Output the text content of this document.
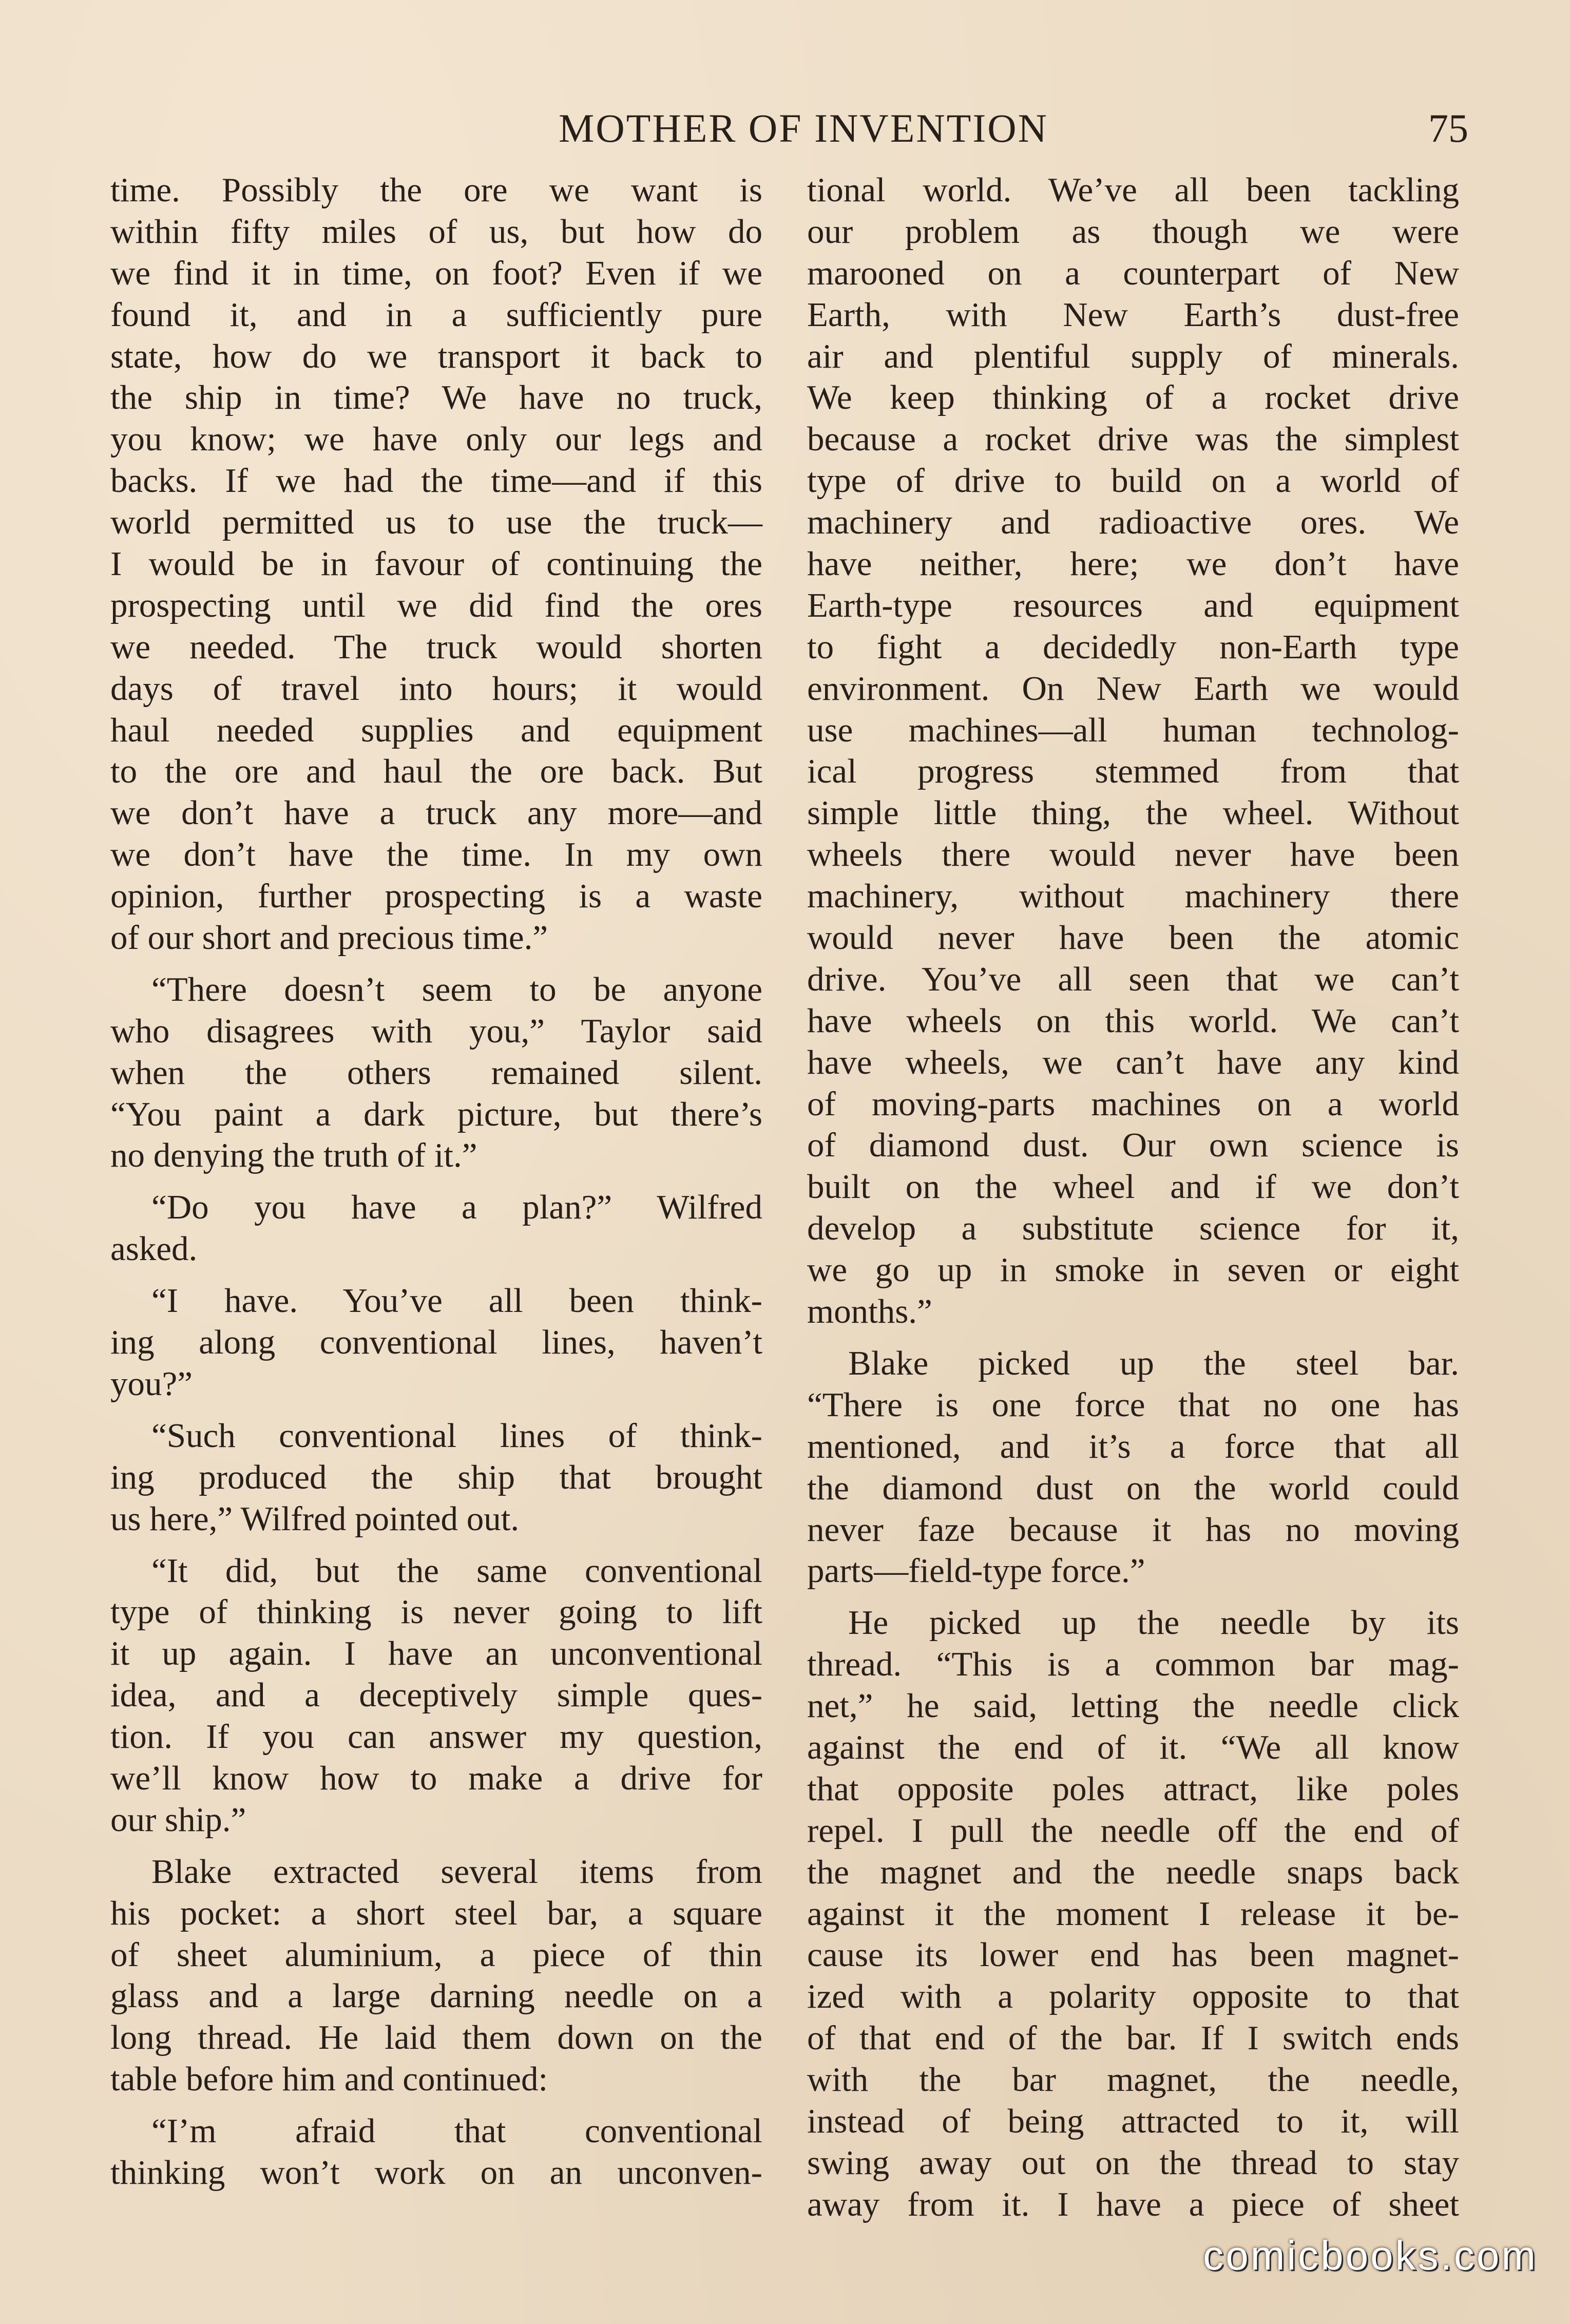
MOTHER OF INVENTION	75
time. Possibly the ore we want is
within fifty miles of us, but how do
we find it in time, on foot? Even if we
found it, and in a sufficiently pure
state, how do we transport it back to
the ship in time? We have no truck,
you know; we have only our legs and
backs. If we had the time—and if this
world permitted us to use the truck—
I would be in favour of continuing the
prospecting until we did find the ores
we needed. The truck would shorten
days of travel into hours; it would
haul needed supplies and equipment
to the ore and haul the ore back. But
we don’t have a truck any more—and
we don’t have the time. In my own
opinion, further prospecting is a waste
of our short and precious time.”
“There doesn’t seem to be anyone
who disagrees with you,” Taylor said
when the others remained silent.
“You paint a dark picture, but there’s
no denying the truth of it.”
“Do you have a plan?” Wilfred
asked.
“I have. You’ve all been think-
ing along conventional lines, haven’t
you?”
“Such conventional lines of think-
ing produced the ship that brought
us here,” Wilfred pointed out.
“It did, but the same conventional
type of thinking is never going to lift
it up again. I have an unconventional
idea, and a deceptively simple ques-
tion. If you can answer my question,
we’ll know how to make a drive for
our ship.”
Blake extracted several items from
his pocket: a short steel bar, a square
of sheet aluminium, a piece of thin
glass and a large darning needle on a
long thread. He laid them down on the
table before him and continued:
“I’m afraid that conventional
thinking won’t work on an unconven-
tional world. We’ve all been tackling
our problem as though we were
marooned on a counterpart of New
Earth, with New Earth’s dust-free
air and plentiful supply of minerals.
We keep thinking of a rocket drive
because a rocket drive was the simplest
type of drive to build on a world of
machinery and radioactive ores. We
have neither, here; we don’t have
Earth-type resources and equipment
to fight a decidedly non-Earth type
environment. On New Earth we would
use machines—all human technolog-
ical progress stemmed from that
simple little thing, the wheel. Without
wheels there would never have been
machinery, without machinery there
would never have been the atomic
drive. You’ve all seen that we can’t
have wheels on this world. We can’t
have wheels, we can’t have any kind
of moving-parts machines on a world
of diamond dust. Our own science is
built on the wheel and if we don’t
develop a substitute science for it,
we go up in smoke in seven or eight
months.”
Blake picked up the steel bar.
“There is one force that no one has
mentioned, and it’s a force that all
the diamond dust on the world could
never faze because it has no moving
parts—field-type force.”
He picked up the needle by its
thread. “This is a common bar mag-
net,” he said, letting the needle click
against the end of it. “We all know
that opposite poles attract, like poles
repel. I pull the needle off the end of
the magnet and the needle snaps back
against it the moment I release it be-
cause its lower end has been magnet-
ized with a polarity opposite to that
of that end of the bar. If I switch ends
with the bar magnet, the needle,
instead of being attracted to it, will
swing away out on the thread to stay
away from it. I have a piece of sheet
comicbooks.com
